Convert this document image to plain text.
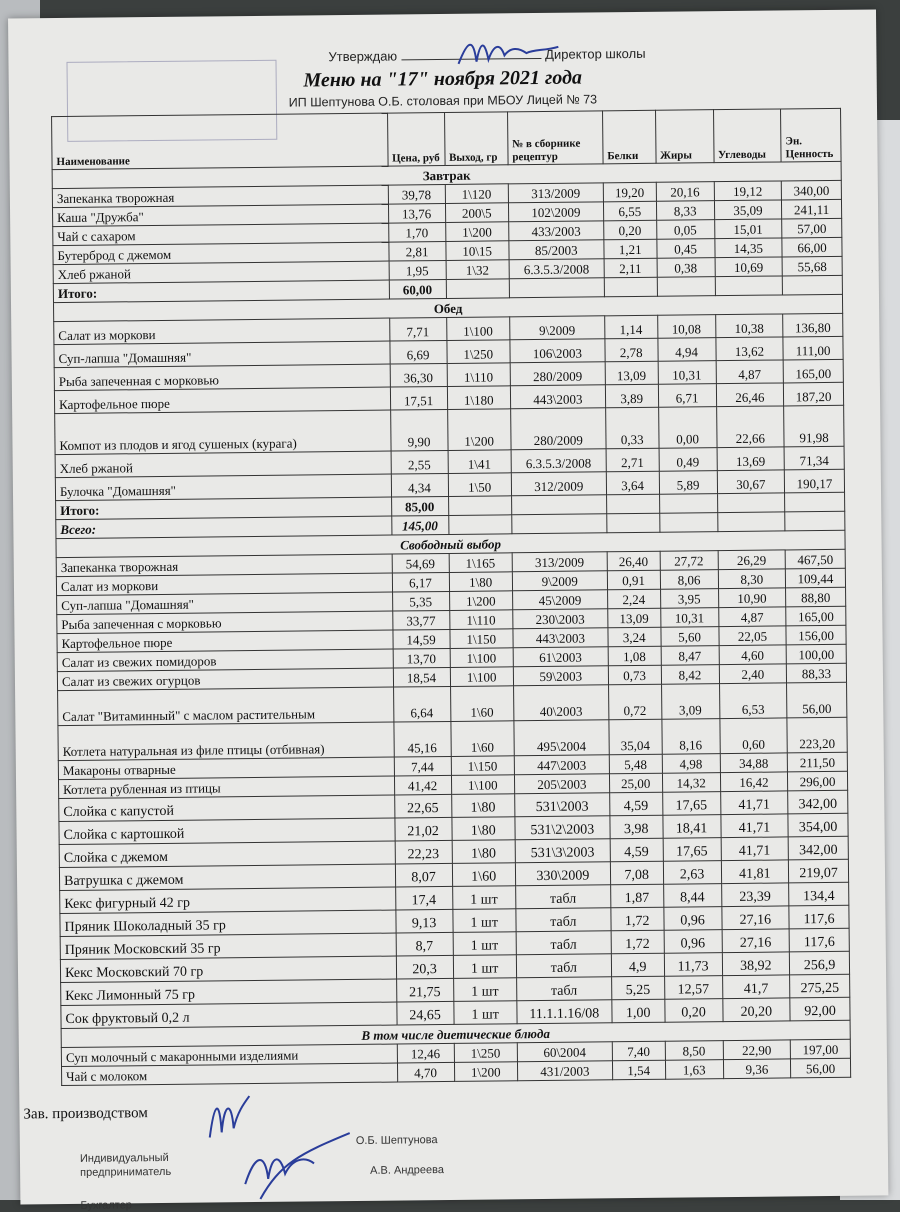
Утверждаю	Директор школы
Меню на "17" ноября 2021 года
ИП Шептунова О.Б. столовая при МБОУ Лицей № 73
Наименование	Цена, руб	Выход, гр	№ в сборнике рецептур	Белки	Жиры	Углеводы	Эн. Ценность
Завтрак							
Запеканка творожная	39,78	1\120	313/2009	19,20	20,16	19,12	340,00
Каша "Дружба"	13,76	200\5	102\2009	6,55	8,33	35,09	241,11
Чай с сахаром	1,70	1\200	433/2003	0,20	0,05	15,01	57,00
Бутерброд с джемом	2,81	10\15	85/2003	1,21	0,45	14,35	66,00
Хлеб ржаной	1,95	1\32	6.3.5.3/2008	2,11	0,38	10,69	55,68
Итого:	60,00						
Обед							
Салат из моркови	7,71	1\100	9\2009	1,14	10,08	10,38	136,80
Суп-лапша "Домашняя"	6,69	1\250	106\2003	2,78	4,94	13,62	111,00
Рыба запеченная с морковью	36,30	1\110	280/2009	13,09	10,31	4,87	165,00
Картофельное пюре	17,51	1\180	443\2003	3,89	6,71	26,46	187,20
Компот из плодов и ягод сушеных (курага)	9,90	1\200	280/2009	0,33	0,00	22,66	91,98
Хлеб ржаной	2,55	1\41	6.3.5.3/2008	2,71	0,49	13,69	71,34
Булочка "Домашняя"	4,34	1\50	312/2009	3,64	5,89	30,67	190,17
Итого:	85,00						
Всего:	145,00						
Свободный выбор							
Запеканка творожная	54,69	1\165	313/2009	26,40	27,72	26,29	467,50
Салат из моркови	6,17	1\80	9\2009	0,91	8,06	8,30	109,44
Суп-лапша "Домашняя"	5,35	1\200	45\2009	2,24	3,95	10,90	88,80
Рыба запеченная с морковью	33,77	1\110	230\2003	13,09	10,31	4,87	165,00
Картофельное пюре	14,59	1\150	443\2003	3,24	5,60	22,05	156,00
Салат из свежих помидоров	13,70	1\100	61\2003	1,08	8,47	4,60	100,00
Салат из свежих огурцов	18,54	1\100	59\2003	0,73	8,42	2,40	88,33
Салат "Витаминный" с маслом растительным	6,64	1\60	40\2003	0,72	3,09	6,53	56,00
Котлета натуральная из филе птицы (отбивная)	45,16	1\60	495\2004	35,04	8,16	0,60	223,20
Макароны отварные	7,44	1\150	447\2003	5,48	4,98	34,88	211,50
Котлета рубленная из птицы	41,42	1\100	205\2003	25,00	14,32	16,42	296,00
Слойка с капустой	22,65	1\80	531\2003	4,59	17,65	41,71	342,00
Слойка с картошкой	21,02	1\80	531\2\2003	3,98	18,41	41,71	354,00
Слойка с джемом	22,23	1\80	531\3\2003	4,59	17,65	41,71	342,00
Ватрушка с джемом	8,07	1\60	330\2009	7,08	2,63	41,81	219,07
Кекс фигурный 42 гр	17,4	1 шт	табл	1,87	8,44	23,39	134,4
Пряник Шоколадный 35 гр	9,13	1 шт	табл	1,72	0,96	27,16	117,6
Пряник Московский 35 гр	8,7	1 шт	табл	1,72	0,96	27,16	117,6
Кекс Московский 70 гр	20,3	1 шт	табл	4,9	11,73	38,92	256,9
Кекс Лимонный 75 гр	21,75	1 шт	табл	5,25	12,57	41,7	275,25
Сок фруктовый 0,2 л	24,65	1 шт	11.1.1.16/08	1,00	0,20	20,20	92,00
В том числе диетические блюда							
Суп молочный с макаронными изделиями	12,46	1\250	60\2004	7,40	8,50	22,90	197,00
Чай с молоком	4,70	1\200	431/2003	1,54	1,63	9,36	56,00
Зав. производством
Индивидуальный предприниматель
О.Б. Шептунова
А.В. Андреева
Бухгалтер
